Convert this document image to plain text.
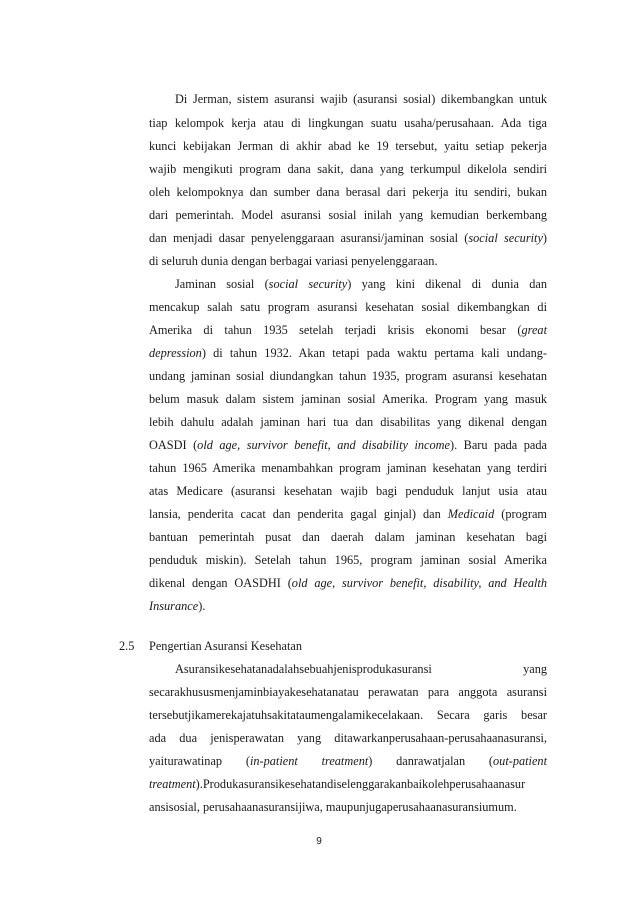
Di Jerman, sistem asuransi wajib (asuransi sosial) dikembangkan untuk
tiap kelompok kerja atau di lingkungan suatu usaha/perusahaan. Ada tiga
kunci kebijakan Jerman di akhir abad ke 19 tersebut, yaitu setiap pekerja
wajib mengikuti program dana sakit, dana yang terkumpul dikelola sendiri
oleh kelompoknya dan sumber dana berasal dari pekerja itu sendiri, bukan
dari pemerintah. Model asuransi sosial inilah yang kemudian berkembang
dan menjadi dasar penyelenggaraan asuransi/jaminan sosial (social security)
di seluruh dunia dengan berbagai variasi penyelenggaraan.
Jaminan sosial (social security) yang kini dikenal di dunia dan
mencakup salah satu program asuransi kesehatan sosial dikembangkan di
Amerika di tahun 1935 setelah terjadi krisis ekonomi besar (great
depression) di tahun 1932. Akan tetapi pada waktu pertama kali undang-
undang jaminan sosial diundangkan tahun 1935, program asuransi kesehatan
belum masuk dalam sistem jaminan sosial Amerika. Program yang masuk
lebih dahulu adalah jaminan hari tua dan disabilitas yang dikenal dengan
OASDI (old age, survivor benefit, and disability income). Baru pada pada
tahun 1965 Amerika menambahkan program jaminan kesehatan yang terdiri
atas Medicare (asuransi kesehatan wajib bagi penduduk lanjut usia atau
lansia, penderita cacat dan penderita gagal ginjal) dan Medicaid (program
bantuan pemerintah pusat dan daerah dalam jaminan kesehatan bagi
penduduk miskin). Setelah tahun 1965, program jaminan sosial Amerika
dikenal dengan OASDHI (old age, survivor benefit, disability, and Health
Insurance).
2.5 Pengertian Asuransi Kesehatan
Asuransikesehatanadalahsebuahjenisprodukasuransi yang
secarakhususmenjaminbiayakesehatanatau perawatan para anggota asuransi
tersebutjikamerekajatuhsakitataumengalamikecelakaan. Secara garis besar
ada dua jenisperawatan yang ditawarkanperusahaan-perusahaanasuransi,
yaiturawatinap (in-patient treatment) danrawatjalan (out-patient
treatment).Produkasuransikesehatandiselenggarakanbaikolehperusahaanasur
ansisosial, perusahaanasuransijiwa, maupunjugaperusahaanasuransiumum.
9
